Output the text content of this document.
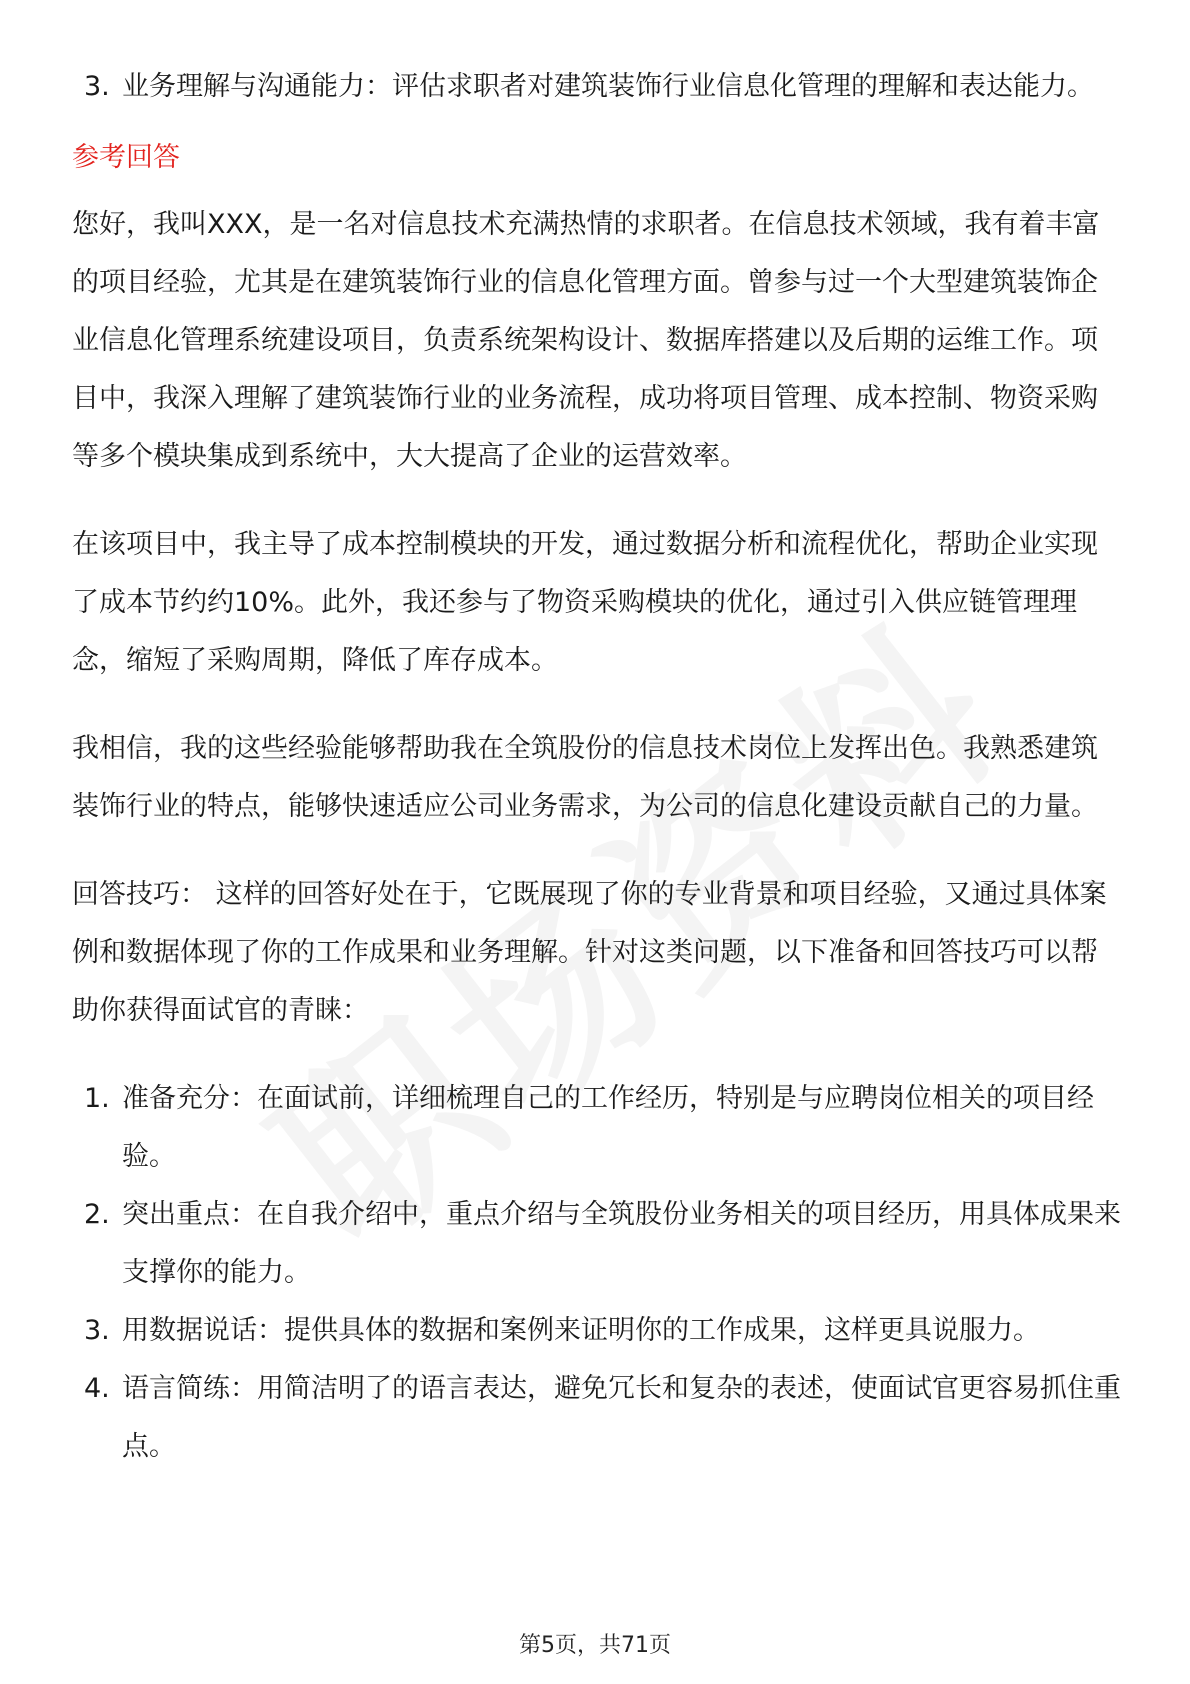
3. 业务理解与沟通能力：评估求职者对建筑装饰行业信息化管理的理解和表达能力。
参考回答

您好，我叫XXX，是一名对信息技术充满热情的求职者。在信息技术领域，我有着丰富的项目经验，尤其是在建筑装饰行业的信息化管理方面。曾参与过一个大型建筑装饰企业信息化管理系统建设项目，负责系统架构设计、数据库搭建以及后期的运维工作。项目中，我深入理解了建筑装饰行业的业务流程，成功将项目管理、成本控制、物资采购等多个模块集成到系统中，大大提高了企业的运营效率。

在该项目中，我主导了成本控制模块的开发，通过数据分析和流程优化，帮助企业实现了成本节约约10%。此外，我还参与了物资采购模块的优化，通过引入供应链管理理念，缩短了采购周期，降低了库存成本。

我相信，我的这些经验能够帮助我在全筑股份的信息技术岗位上发挥出色。我熟悉建筑装饰行业的特点，能够快速适应公司业务需求，为公司的信息化建设贡献自己的力量。

回答技巧： 这样的回答好处在于，它既展现了你的专业背景和项目经验，又通过具体案例和数据体现了你的工作成果和业务理解。针对这类问题，以下准备和回答技巧可以帮助你获得面试官的青睐：

1. 准备充分：在面试前，详细梳理自己的工作经历，特别是与应聘岗位相关的项目经验。
2. 突出重点：在自我介绍中，重点介绍与全筑股份业务相关的项目经历，用具体成果来支撑你的能力。
3. 用数据说话：提供具体的数据和案例来证明你的工作成果，这样更具说服力。
4. 语言简练：用简洁明了的语言表达，避免冗长和复杂的表述，使面试官更容易抓住重点。
第5页，共71页
